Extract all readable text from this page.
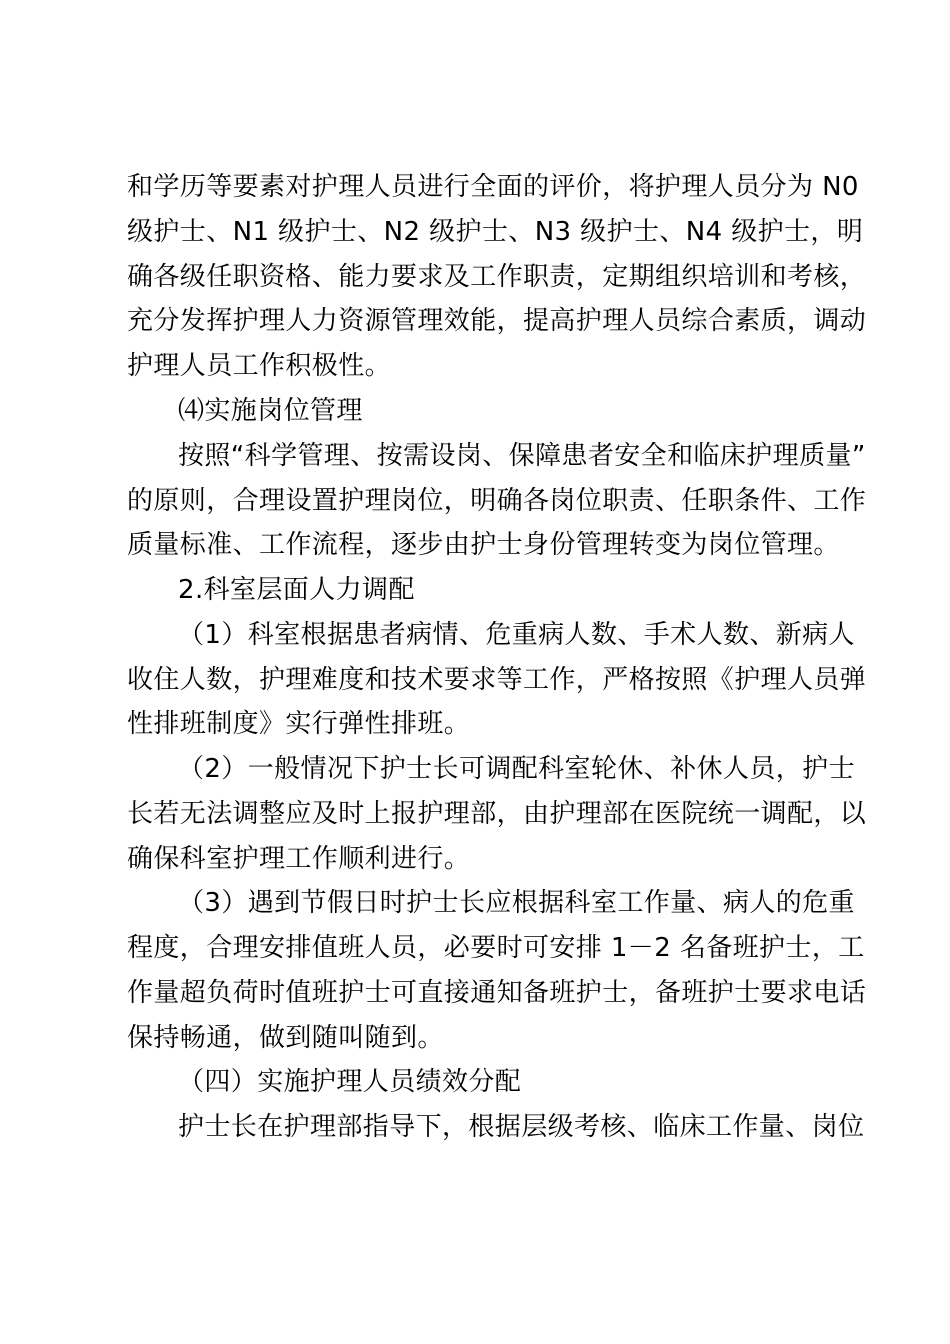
和学历等要素对护理人员进行全面的评价，将护理人员分为 N0
级护士、N1 级护士、N2 级护士、N3 级护士、N4 级护士，明
确各级任职资格、能力要求及工作职责，定期组织培训和考核，
充分发挥护理人力资源管理效能，提高护理人员综合素质，调动
护理人员工作积极性。
⑷实施岗位管理
按照“科学管理、按需设岗、保障患者安全和临床护理质量”
的原则，合理设置护理岗位，明确各岗位职责、任职条件、工作
质量标准、工作流程，逐步由护士身份管理转变为岗位管理。
2.科室层面人力调配
（1）科室根据患者病情、危重病人数、手术人数、新病人
收住人数，护理难度和技术要求等工作，严格按照《护理人员弹
性排班制度》实行弹性排班。
（2）一般情况下护士长可调配科室轮休、补休人员，护士
长若无法调整应及时上报护理部，由护理部在医院统一调配，以
确保科室护理工作顺利进行。
（3）遇到节假日时护士长应根据科室工作量、病人的危重
程度，合理安排值班人员，必要时可安排 1－2 名备班护士，工
作量超负荷时值班护士可直接通知备班护士，备班护士要求电话
保持畅通，做到随叫随到。
（四）实施护理人员绩效分配
护士长在护理部指导下，根据层级考核、临床工作量、岗位
